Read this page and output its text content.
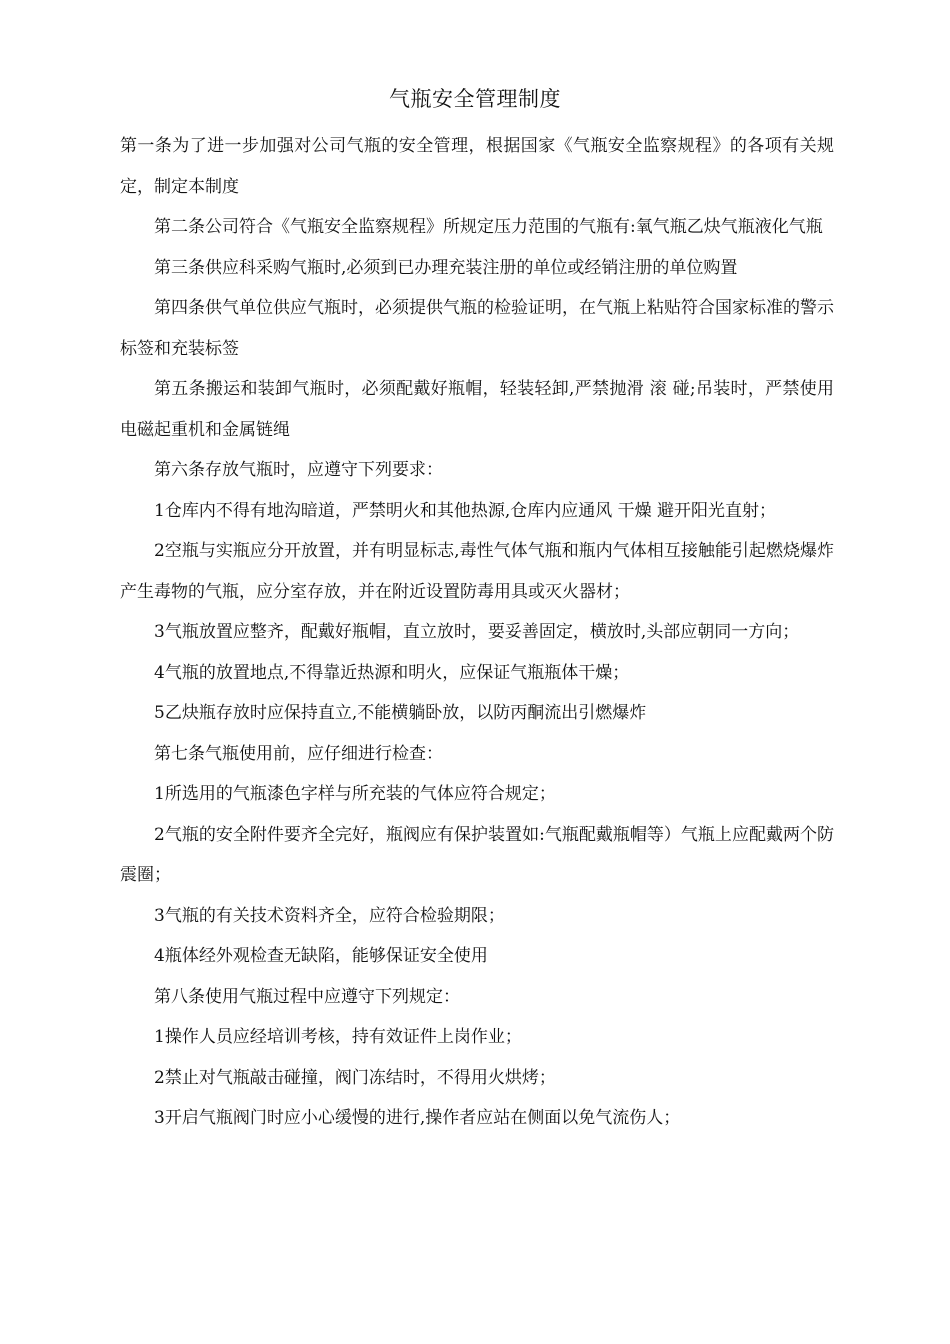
气瓶安全管理制度

第一条为了进一步加强对公司气瓶的安全管理，根据国家《气瓶安全监察规程》的各项有关规定，制定本制度

第二条公司符合《气瓶安全监察规程》所规定压力范围的气瓶有:氧气瓶乙炔气瓶液化气瓶

第三条供应科采购气瓶时,必须到已办理充装注册的单位或经销注册的单位购置

第四条供气单位供应气瓶时，必须提供气瓶的检验证明，在气瓶上粘贴符合国家标准的警示标签和充装标签

第五条搬运和装卸气瓶时，必须配戴好瓶帽，轻装轻卸,严禁抛滑 滚 碰;吊装时，严禁使用电磁起重机和金属链绳

第六条存放气瓶时，应遵守下列要求：

1仓库内不得有地沟暗道，严禁明火和其他热源,仓库内应通风 干燥 避开阳光直射；

2空瓶与实瓶应分开放置，并有明显标志,毒性气体气瓶和瓶内气体相互接触能引起燃烧爆炸产生毒物的气瓶，应分室存放，并在附近设置防毒用具或灭火器材；

3气瓶放置应整齐，配戴好瓶帽，直立放时，要妥善固定，横放时,头部应朝同一方向；

4气瓶的放置地点,不得靠近热源和明火，应保证气瓶瓶体干燥；

5乙炔瓶存放时应保持直立,不能横躺卧放，以防丙酮流出引燃爆炸

第七条气瓶使用前，应仔细进行检查：

1所选用的气瓶漆色字样与所充装的气体应符合规定；

2气瓶的安全附件要齐全完好，瓶阀应有保护装置如:气瓶配戴瓶帽等）气瓶上应配戴两个防震圈；

3气瓶的有关技术资料齐全，应符合检验期限；

4瓶体经外观检查无缺陷，能够保证安全使用

第八条使用气瓶过程中应遵守下列规定：

1操作人员应经培训考核，持有效证件上岗作业；

2禁止对气瓶敲击碰撞，阀门冻结时，不得用火烘烤；

3开启气瓶阀门时应小心缓慢的进行,操作者应站在侧面以免气流伤人；
